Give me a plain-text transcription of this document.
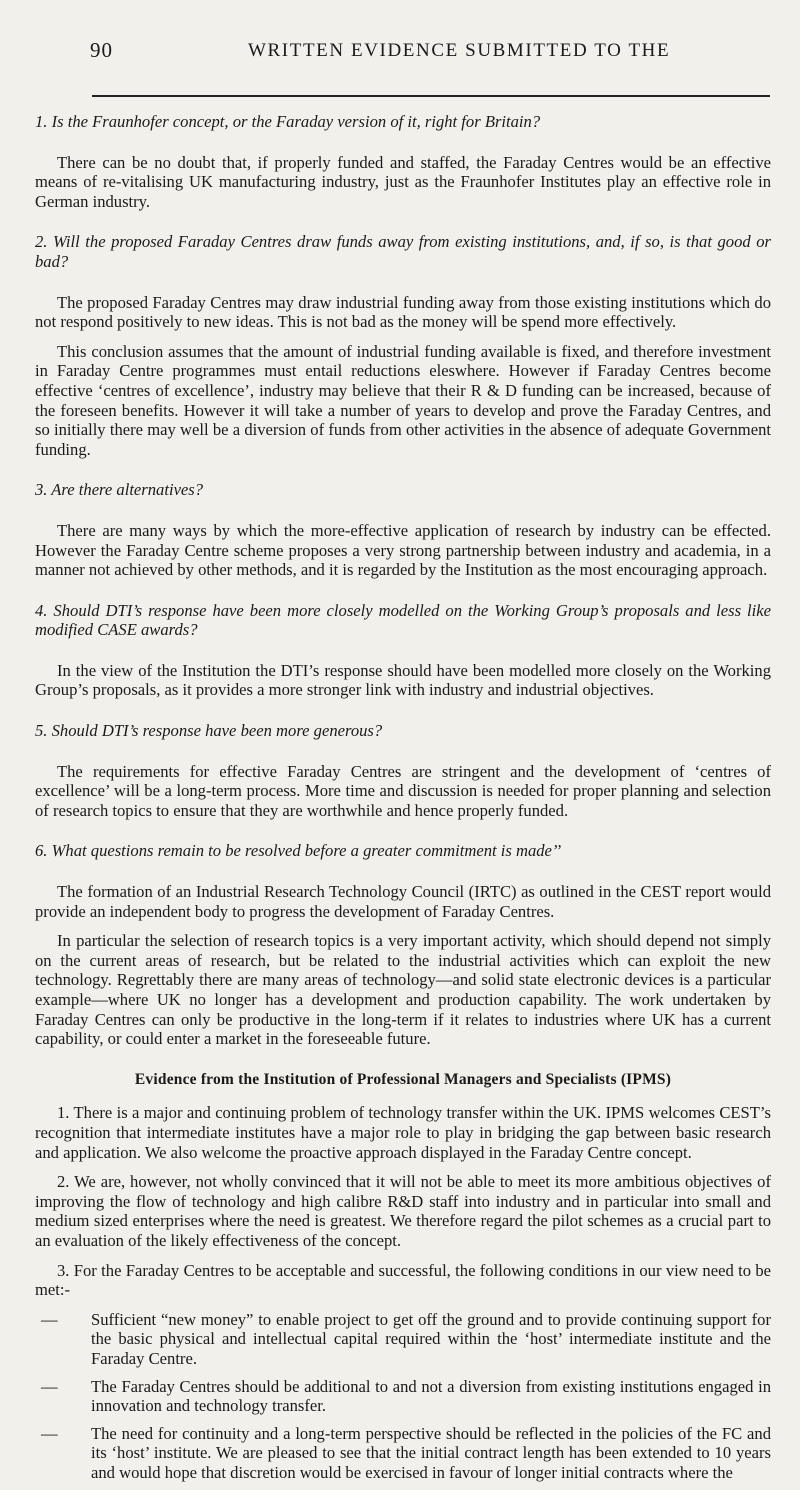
90	WRITTEN EVIDENCE SUBMITTED TO THE

1. Is the Fraunhofer concept, or the Faraday version of it, right for Britain?

There can be no doubt that, if properly funded and staffed, the Faraday Centres would be an effective means of re-vitalising UK manufacturing industry, just as the Fraunhofer Institutes play an effective role in German industry.

2. Will the proposed Faraday Centres draw funds away from existing institutions, and, if so, is that good or bad?

The proposed Faraday Centres may draw industrial funding away from those existing institutions which do not respond positively to new ideas. This is not bad as the money will be spend more effectively.

This conclusion assumes that the amount of industrial funding available is fixed, and therefore investment in Faraday Centre programmes must entail reductions eleswhere. However if Faraday Centres become effective ‘centres of excellence’, industry may believe that their R & D funding can be increased, because of the foreseen benefits. However it will take a number of years to develop and prove the Faraday Centres, and so initially there may well be a diversion of funds from other activities in the absence of adequate Government funding.

3. Are there alternatives?

There are many ways by which the more-effective application of research by industry can be effected. However the Faraday Centre scheme proposes a very strong partnership between industry and academia, in a manner not achieved by other methods, and it is regarded by the Institution as the most encouraging approach.

4. Should DTI’s response have been more closely modelled on the Working Group’s proposals and less like modified CASE awards?

In the view of the Institution the DTI’s response should have been modelled more closely on the Working Group’s proposals, as it provides a more stronger link with industry and industrial objectives.

5. Should DTI’s response have been more generous?

The requirements for effective Faraday Centres are stringent and the development of ‘centres of excellence’ will be a long-term process. More time and discussion is needed for proper planning and selection of research topics to ensure that they are worthwhile and hence properly funded.

6. What questions remain to be resolved before a greater commitment is made’’

The formation of an Industrial Research Technology Council (IRTC) as outlined in the CEST report would provide an independent body to progress the development of Faraday Centres.

In particular the selection of research topics is a very important activity, which should depend not simply on the current areas of research, but be related to the industrial activities which can exploit the new technology. Regrettably there are many areas of technology—and solid state electronic devices is a particular example—where UK no longer has a development and production capability. The work undertaken by Faraday Centres can only be productive in the long-term if it relates to industries where UK has a current capability, or could enter a market in the foreseeable future.

Evidence from the Institution of Professional Managers and Specialists (IPMS)

1. There is a major and continuing problem of technology transfer within the UK. IPMS welcomes CEST’s recognition that intermediate institutes have a major role to play in bridging the gap between basic research and application. We also welcome the proactive approach displayed in the Faraday Centre concept.

2. We are, however, not wholly convinced that it will not be able to meet its more ambitious objectives of improving the flow of technology and high calibre R&D staff into industry and in particular into small and medium sized enterprises where the need is greatest. We therefore regard the pilot schemes as a crucial part to an evaluation of the likely effectiveness of the concept.

3. For the Faraday Centres to be acceptable and successful, the following conditions in our view need to be met:-

—	Sufficient “new money” to enable project to get off the ground and to provide continuing support for the basic physical and intellectual capital required within the ‘host’ intermediate institute and the Faraday Centre.
—	The Faraday Centres should be additional to and not a diversion from existing institutions engaged in innovation and technology transfer.
—	The need for continuity and a long-term perspective should be reflected in the policies of the FC and its ‘host’ institute. We are pleased to see that the initial contract length has been extended to 10 years and would hope that discretion would be exercised in favour of longer initial contracts where the
